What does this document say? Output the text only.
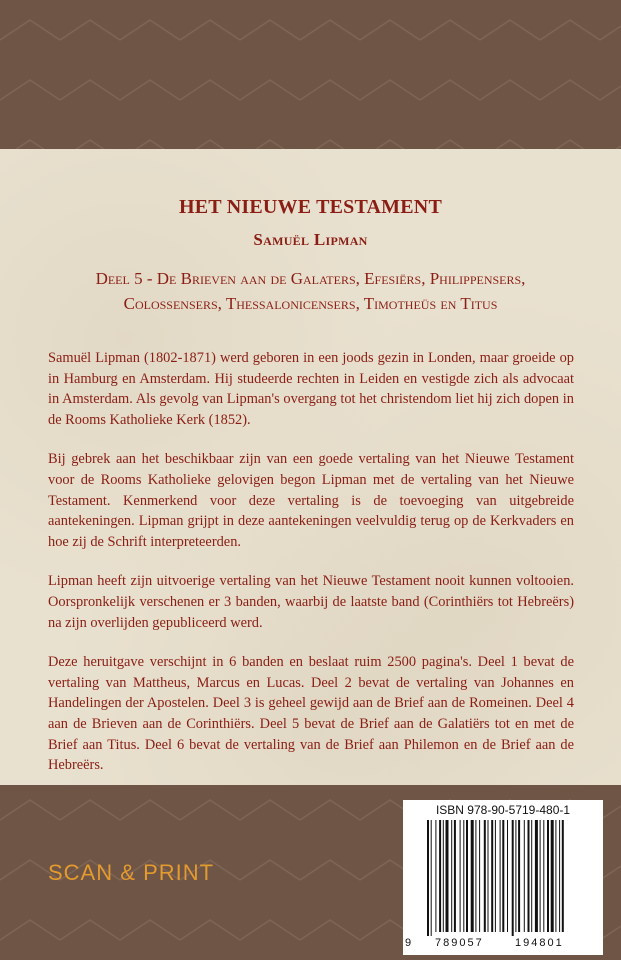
HET NIEUWE TESTAMENT
Samuël Lipman
Deel 5 - De Brieven aan de Galaters, Efesiërs, Philippensers,
Colossensers, Thessalonicensers, Timotheüs en Titus

Samuël Lipman (1802-1871) werd geboren in een joods gezin in Londen, maar groeide op in Hamburg en Amsterdam. Hij studeerde rechten in Leiden en vestigde zich als advocaat in Amsterdam. Als gevolg van Lipman's overgang tot het christendom liet hij zich dopen in de Rooms Katholieke Kerk (1852).

Bij gebrek aan het beschikbaar zijn van een goede vertaling van het Nieuwe Testament voor de Rooms Katholieke gelovigen begon Lipman met de vertaling van het Nieuwe Testament. Kenmerkend voor deze vertaling is de toevoeging van uitgebreide aantekeningen. Lipman grijpt in deze aantekeningen veelvuldig terug op de Kerkvaders en hoe zij de Schrift interpreteerden.

Lipman heeft zijn uitvoerige vertaling van het Nieuwe Testament nooit kunnen voltooien. Oorspronkelijk verschenen er 3 banden, waarbij de laatste band (Corinthiërs tot Hebreërs) na zijn overlijden gepubliceerd werd.

Deze heruitgave verschijnt in 6 banden en beslaat ruim 2500 pagina's. Deel 1 bevat de vertaling van Mattheus, Marcus en Lucas. Deel 2 bevat de vertaling van Johannes en Handelingen der Apostelen. Deel 3 is geheel gewijd aan de Brief aan de Romeinen. Deel 4 aan de Brieven aan de Corinthiërs. Deel 5 bevat de Brief aan de Galatiërs tot en met de Brief aan Titus. Deel 6 bevat de vertaling van de Brief aan Philemon en de Brief aan de Hebreërs.

SCAN & PRINT
ISBN 978-90-5719-480-1
9 789057	194801
